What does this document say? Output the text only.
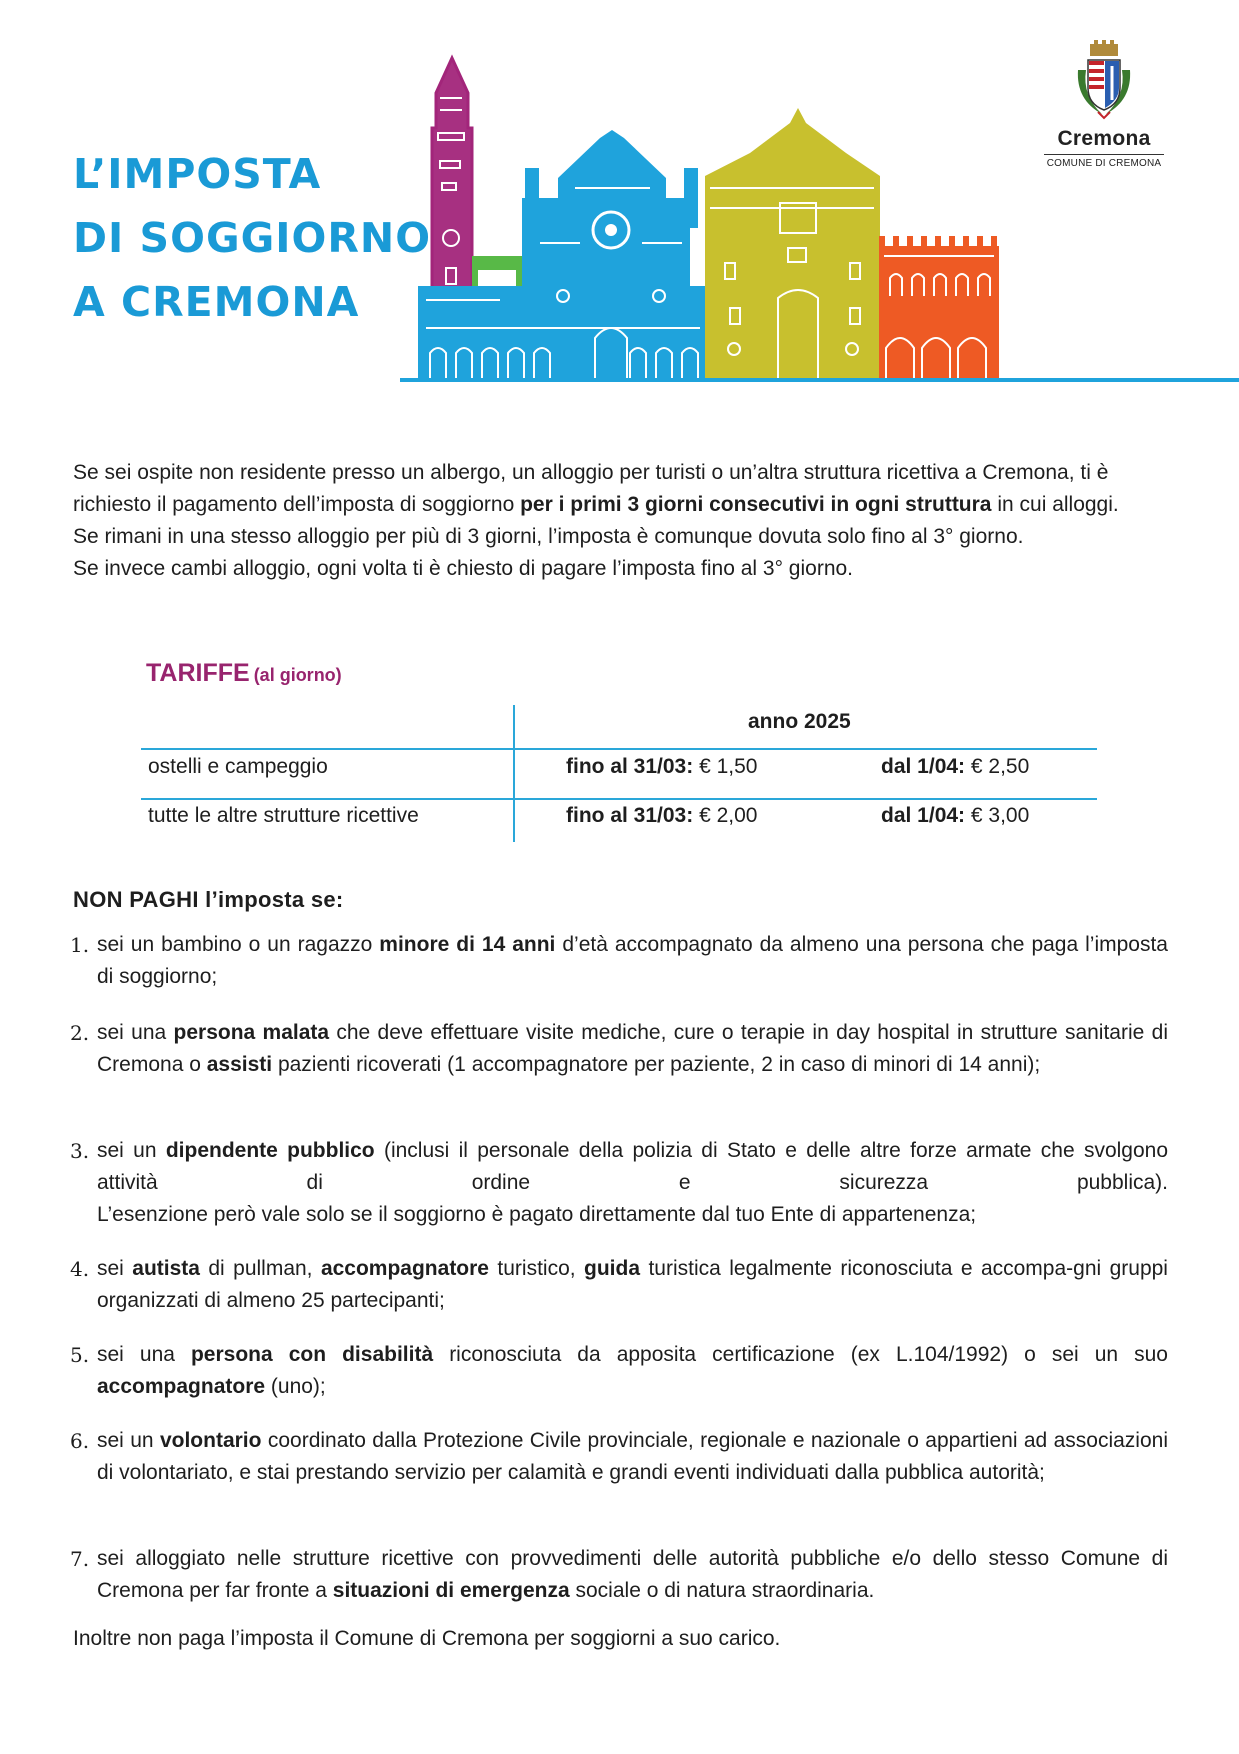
L’IMPOSTA
DI SOGGIORNO
A CREMONA
Cremona
COMUNE DI CREMONA

Se sei ospite non residente presso un albergo, un alloggio per turisti o un’altra struttura ricettiva a Cremona, ti è richiesto il pagamento dell’imposta di soggiorno per i primi 3 giorni consecutivi in ogni struttura in cui alloggi.

Se rimani in una stesso alloggio per più di 3 giorni, l’imposta è comunque dovuta solo fino al 3° giorno.

Se invece cambi alloggio, ogni volta ti è chiesto di pagare l’imposta fino al 3° giorno.

TARIFFE (al giorno)
anno 2025
ostelli e campeggio	fino al 31/03: € 1,50	dal 1/04: € 2,50
tutte le altre strutture ricettive	fino al 31/03: € 2,00	dal 1/04: € 3,00
NON PAGHI l’imposta se:
1. sei un bambino o un ragazzo minore di 14 anni d’età accompagnato da almeno una persona che paga l’imposta di soggiorno;
2. sei una persona malata che deve effettuare visite mediche, cure o terapie in day hospital in strutture sanitarie di Cremona o assisti pazienti ricoverati (1 accompagnatore per paziente, 2 in caso di minori di 14 anni);
3. sei un dipendente pubblico (inclusi il personale della polizia di Stato e delle altre forze armate che svolgono attività di ordine e sicurezza pubblica).
L’esenzione però vale solo se il soggiorno è pagato direttamente dal tuo Ente di appartenenza;
4. sei autista di pullman, accompagnatore turistico, guida turistica legalmente riconosciuta e accompa-gni gruppi organizzati di almeno 25 partecipanti;
5. sei una persona con disabilità riconosciuta da apposita certificazione (ex L.104/1992) o sei un suo accompagnatore (uno);
6. sei un volontario coordinato dalla Protezione Civile provinciale, regionale e nazionale o appartieni ad associazioni di volontariato, e stai prestando servizio per calamità e grandi eventi individuati dalla pubblica autorità;
7. sei alloggiato nelle strutture ricettive con provvedimenti delle autorità pubbliche e/o dello stesso Comune di Cremona per far fronte a situazioni di emergenza sociale o di natura straordinaria.
Inoltre non paga l’imposta il Comune di Cremona per soggiorni a suo carico.
